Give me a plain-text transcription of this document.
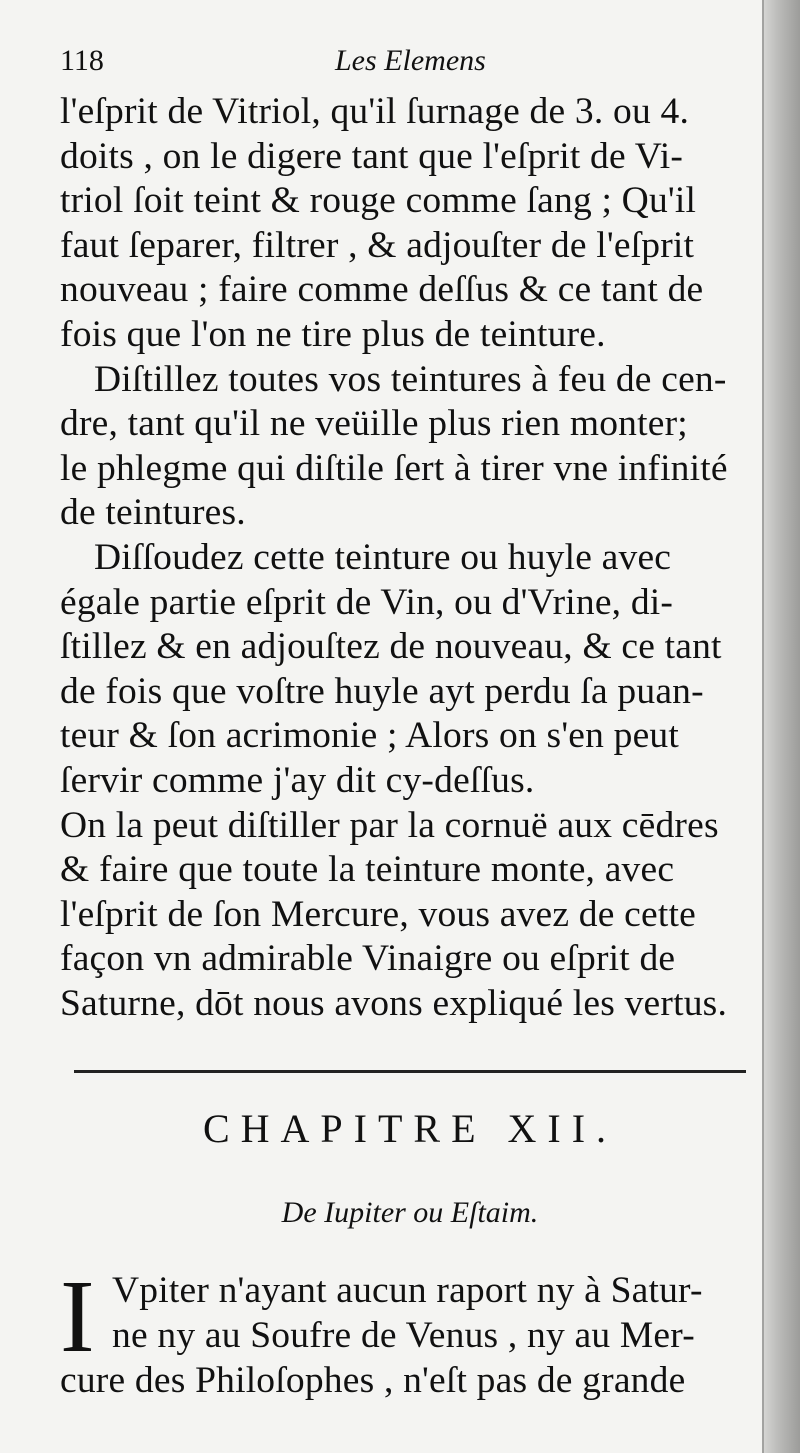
118	Les Elemens
l'eſprit de Vitriol, qu'il ſurnage de 3. ou 4.
doits , on le digere tant que l'eſprit de Vi-
triol ſoit teint & rouge comme ſang ; Qu'il
faut ſeparer, filtrer , & adjouſter de l'eſprit
nouveau ; faire comme deſſus & ce tant de
fois que l'on ne tire plus de teinture.
Diſtillez toutes vos teintures à feu de cen-
dre, tant qu'il ne veüille plus rien monter;
le phlegme qui diſtile ſert à tirer vne infinité
de teintures.
Diſſoudez cette teinture ou huyle avec
égale partie eſprit de Vin, ou d'Vrine, di-
ſtillez & en adjouſtez de nouveau, & ce tant
de fois que voſtre huyle ayt perdu ſa puan-
teur & ſon acrimonie ; Alors on s'en peut
ſervir comme j'ay dit cy-deſſus.
On la peut diſtiller par la cornuë aux cēdres
& faire que toute la teinture monte, avec
l'eſprit de ſon Mercure, vous avez de cette
façon vn admirable Vinaigre ou eſprit de
Saturne, dōt nous avons expliqué les vertus.
CHAPITRE XII.
De Iupiter ou Eſtaim.
I Vpiter n'ayant aucun raport ny à Satur-
ne ny au Soufre de Venus , ny au Mer-
cure des Philoſophes , n'eſt pas de grande
